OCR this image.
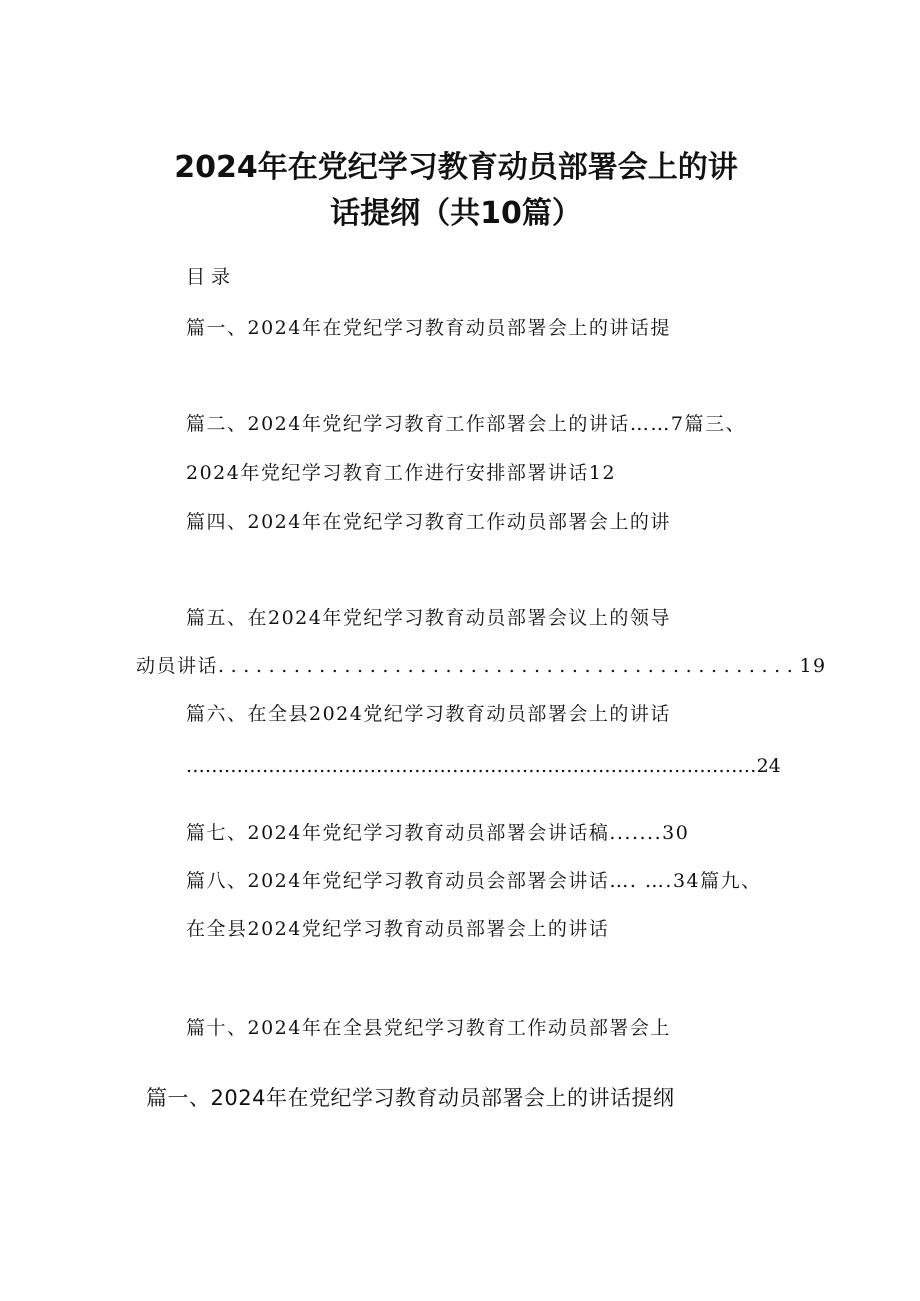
2024年在党纪学习教育动员部署会上的讲
话提纲（共10篇）
目录
篇一、2024年在党纪学习教育动员部署会上的讲话提
篇二、2024年党纪学习教育工作部署会上的讲话……7篇三、
2024年党纪学习教育工作进行安排部署讲话12
篇四、2024年在党纪学习教育工作动员部署会上的讲
篇五、在2024年党纪学习教育动员部署会议上的领导
动员讲话..............................................19
篇六、在全县2024党纪学习教育动员部署会上的讲话
..........................................................................................24
篇七、2024年党纪学习教育动员部署会讲话稿.......30
篇八、2024年党纪学习教育动员会部署会讲话…. ….34篇九、
在全县2024党纪学习教育动员部署会上的讲话
篇十、2024年在全县党纪学习教育工作动员部署会上
篇一、2024年在党纪学习教育动员部署会上的讲话提纲
